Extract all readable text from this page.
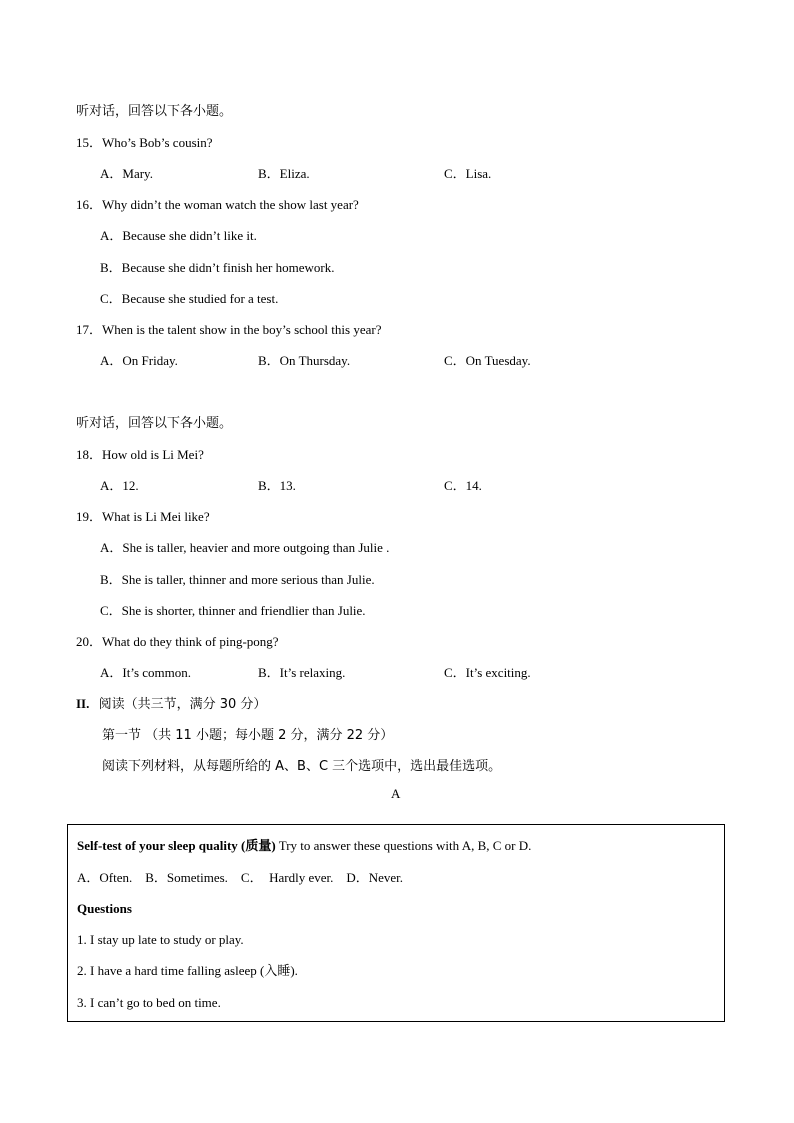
听对话，回答以下各小题。
15．Who’s Bob’s cousin?
A．Mary.	B．Eliza.	C．Lisa.
16．Why didn’t the woman watch the show last year?
A．Because she didn’t like it.
B．Because she didn’t finish her homework.
C．Because she studied for a test.
17．When is the talent show in the boy’s school this year?
A．On Friday.	B．On Thursday.	C．On Tuesday.
听对话，回答以下各小题。
18．How old is Li Mei?
A．12.	B．13.	C．14.
19．What is Li Mei like?
A．She is taller, heavier and more outgoing than Julie .
B．She is taller, thinner and more serious than Julie.
C．She is shorter, thinner and friendlier than Julie.
20．What do they think of ping-pong?
A．It’s common.	B．It’s relaxing.	C．It’s exciting.
II. 阅读（共三节，满分 30 分）
第一节 （共 11 小题；每小题 2 分，满分 22 分）
阅读下列材料，从每题所给的 A、B、C 三个选项中，选出最佳选项。
A
Self-test of your sleep quality (质量) Try to answer these questions with A, B, C or D.
A．Often.    B．Sometimes.    C．  Hardly ever.    D．Never.
Questions
1. I stay up late to study or play.
2. I have a hard time falling asleep (入睡).
3. I can’t go to bed on time.
